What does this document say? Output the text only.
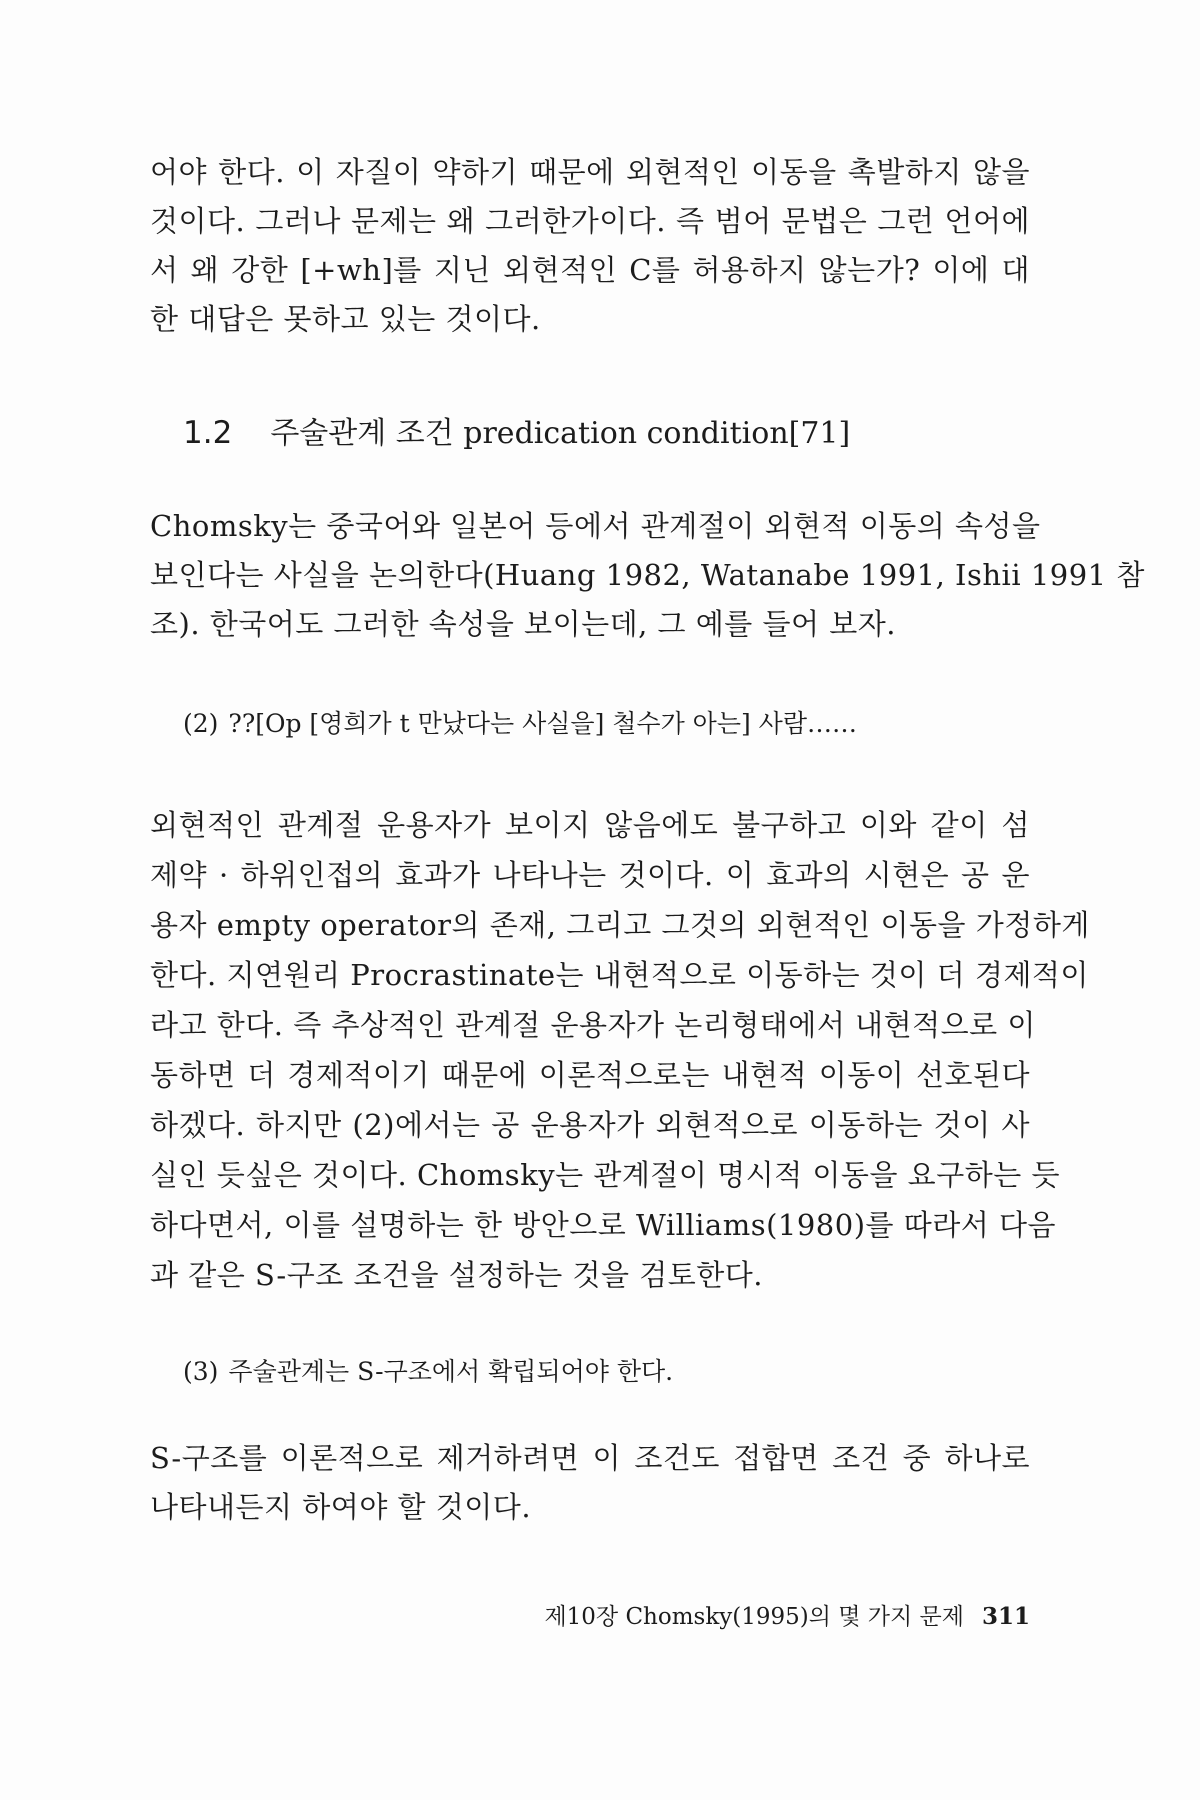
어야 한다. 이 자질이 약하기 때문에 외현적인 이동을 촉발하지 않을
것이다. 그러나 문제는 왜 그러한가이다. 즉 범어 문법은 그런 언어에
서 왜 강한 [+wh]를 지닌 외현적인 C를 허용하지 않는가? 이에 대
한 대답은 못하고 있는 것이다.

1.2 주술관계 조건 predication condition[71]

Chomsky는 중국어와 일본어 등에서 관계절이 외현적 이동의 속성을
보인다는 사실을 논의한다(Huang 1982, Watanabe 1991, Ishii 1991 참
조). 한국어도 그러한 속성을 보이는데, 그 예를 들어 보자.

(2) ??[Op [영희가 t 만났다는 사실을] 철수가 아는] 사람……

외현적인 관계절 운용자가 보이지 않음에도 불구하고 이와 같이 섬
제약 · 하위인접의 효과가 나타나는 것이다. 이 효과의 시현은 공 운
용자 empty operator의 존재, 그리고 그것의 외현적인 이동을 가정하게
한다. 지연원리 Procrastinate는 내현적으로 이동하는 것이 더 경제적이
라고 한다. 즉 추상적인 관계절 운용자가 논리형태에서 내현적으로 이
동하면 더 경제적이기 때문에 이론적으로는 내현적 이동이 선호된다
하겠다. 하지만 (2)에서는 공 운용자가 외현적으로 이동하는 것이 사
실인 듯싶은 것이다. Chomsky는 관계절이 명시적 이동을 요구하는 듯
하다면서, 이를 설명하는 한 방안으로 Williams(1980)를 따라서 다음
과 같은 S-구조 조건을 설정하는 것을 검토한다.

(3) 주술관계는 S-구조에서 확립되어야 한다.

S-구조를 이론적으로 제거하려면 이 조건도 접합면 조건 중 하나로
나타내든지 하여야 할 것이다.

제10장 Chomsky(1995)의 몇 가지 문제 311
